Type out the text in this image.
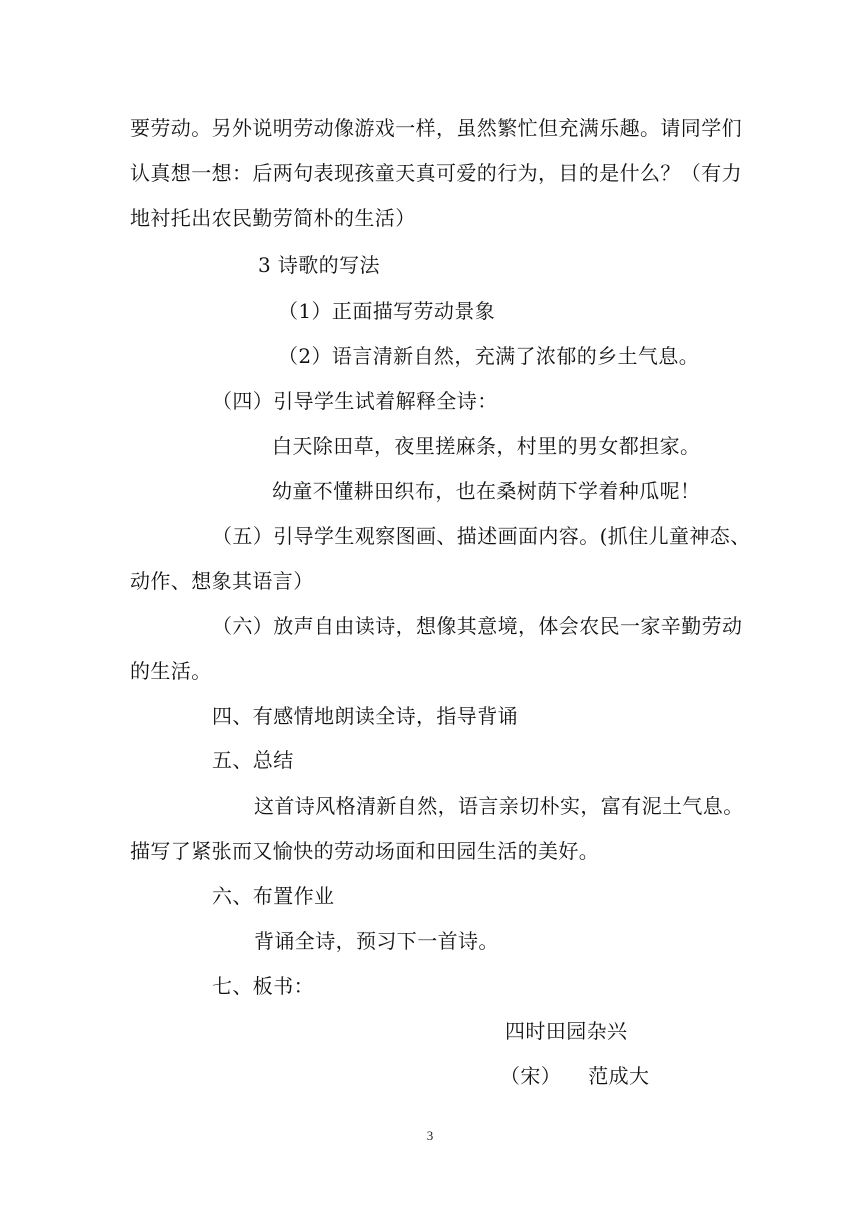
要劳动。另外说明劳动像游戏一样，虽然繁忙但充满乐趣。请同学们
认真想一想：后两句表现孩童天真可爱的行为，目的是什么？（有力
地衬托出农民勤劳简朴的生活）
3 诗歌的写法
（1）正面描写劳动景象
（2）语言清新自然，充满了浓郁的乡土气息。
（四）引导学生试着解释全诗：
白天除田草，夜里搓麻条，村里的男女都担家。
幼童不懂耕田织布，也在桑树荫下学着种瓜呢！
（五）引导学生观察图画、描述画面内容。(抓住儿童神态、
动作、想象其语言）
（六）放声自由读诗，想像其意境，体会农民一家辛勤劳动
的生活。
四、有感情地朗读全诗，指导背诵
五、总结
这首诗风格清新自然，语言亲切朴实，富有泥土气息。
描写了紧张而又愉快的劳动场面和田园生活的美好。
六、布置作业
背诵全诗，预习下一首诗。
七、板书：
四时田园杂兴
（宋）    范成大
3
